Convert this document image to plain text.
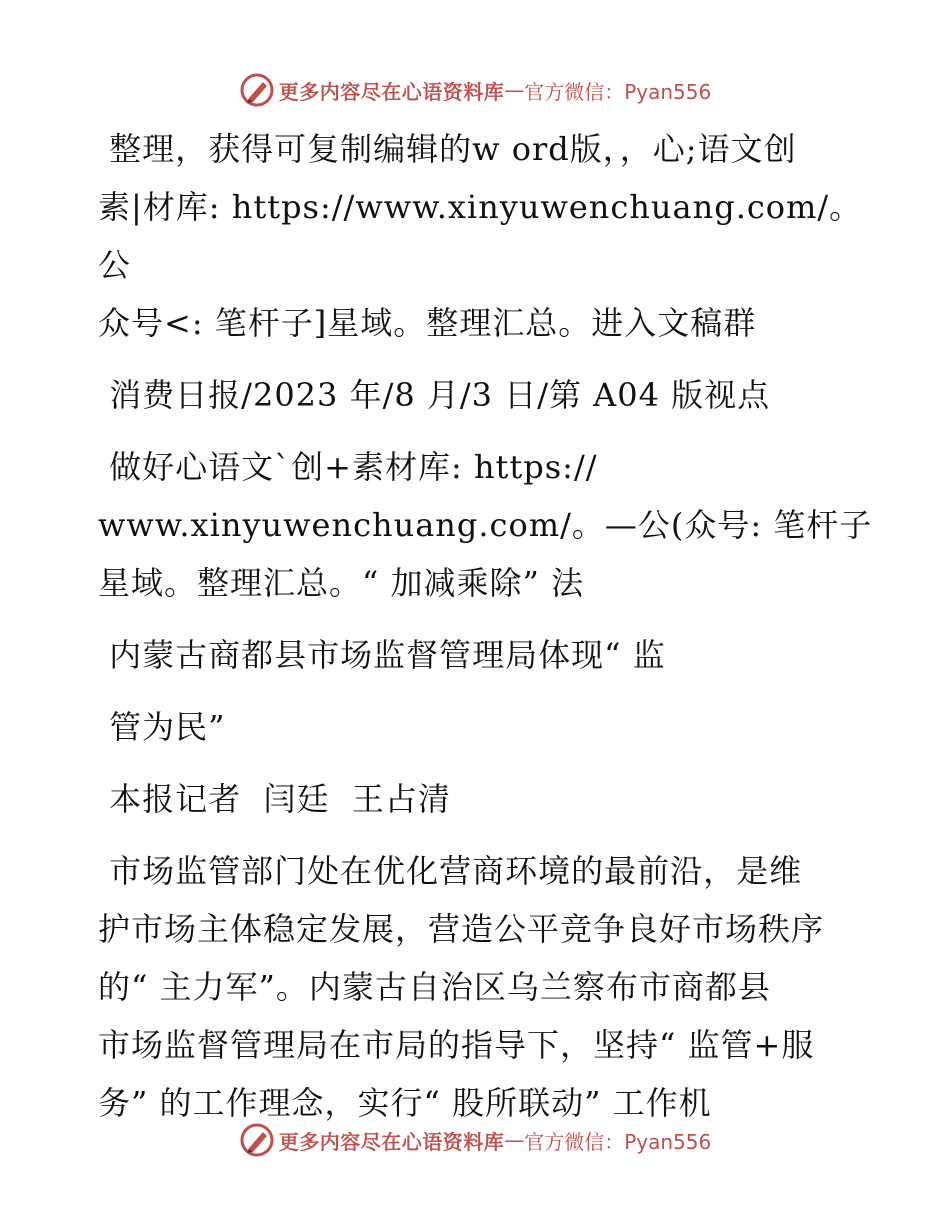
更多内容尽在心语资料库 — 官方微信：Pyan556

整理，获得可复制编辑的w ord版，，心;语文创

素|材库: https://www.xinyuwenchuang.com/。公

众号<: 笔杆子]星域。整理汇总。进入文稿群

消费日报/2023 年/8 月/3 日/第 A04 版视点

做好心语文`创+素材库: https://

www.xinyuwenchuang.com/。—公(众号: 笔杆子

星域。整理汇总。“ 加减乘除” 法

内蒙古商都县市场监督管理局体现“ 监

管为民”

本报记者  闫廷  王占清

市场监管部门处在优化营商环境的最前沿，是维

护市场主体稳定发展，营造公平竞争良好市场秩序

的“ 主力军”。内蒙古自治区乌兰察布市商都县

市场监督管理局在市局的指导下，坚持“ 监管+服

务” 的工作理念，实行“ 股所联动” 工作机

更多内容尽在心语资料库 — 官方微信：Pyan556
